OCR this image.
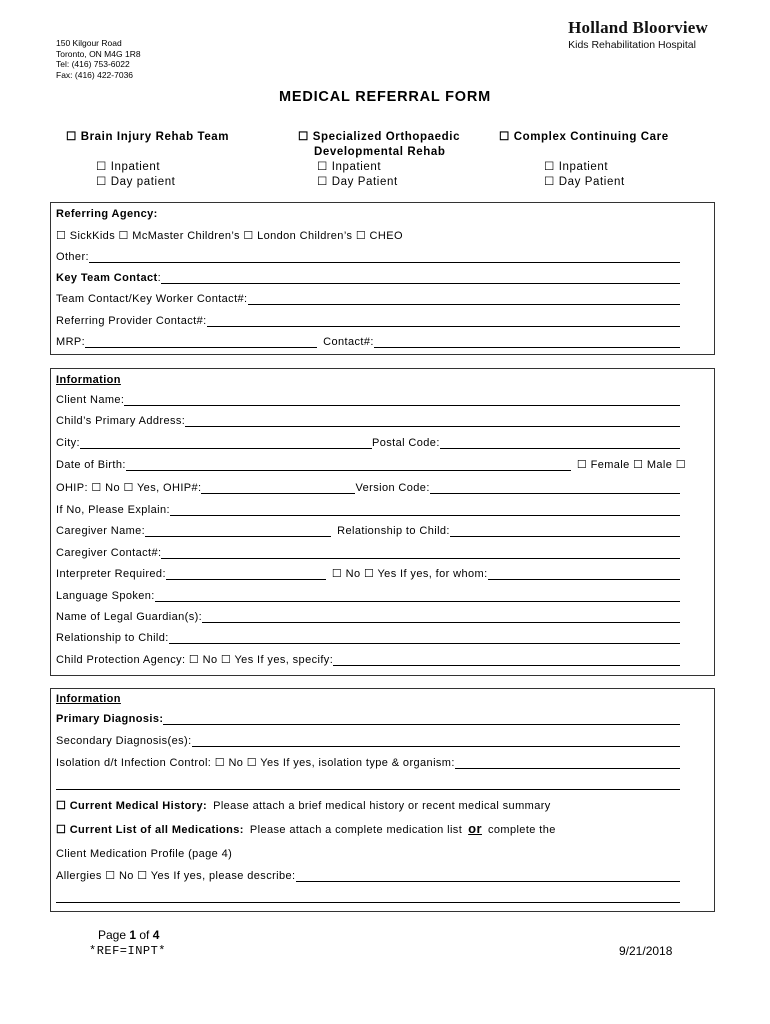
150 Kilgour Road
Toronto, ON M4G 1R8
Tel: (416) 753-6022
Fax: (416) 422-7036
Holland Bloorview
Kids Rehabilitation Hospital
MEDICAL REFERRAL FORM
☐ Brain Injury Rehab Team
☐ Inpatient
☐ Day patient
☐ Specialized Orthopaedic
Developmental Rehab
☐ Inpatient
☐ Day Patient
☐ Complex Continuing Care
☐ Inpatient
☐ Day Patient
Referring Agency:
☐ SickKids ☐ McMaster Children’s ☐ London Children’s ☐ CHEO
Other:
Key Team Contact :
Team Contact/Key Worker Contact#:
Referring Provider Contact#:
MRP:	Contact#:
Information
Client Name:
Child’s Primary Address:
City:	Postal Code:
Date of Birth:	☐ Female ☐ Male ☐
OHIP: ☐ No ☐ Yes, OHIP#:	Version Code:
If No, Please Explain:
Caregiver Name:	Relationship to Child:
Caregiver Contact#:
Interpreter Required:	☐ No ☐ Yes If yes, for whom:
Language Spoken:
Name of Legal Guardian(s):
Relationship to Child:
Child Protection Agency: ☐ No ☐ Yes If yes, specify:
Information
Primary Diagnosis:
Secondary Diagnosis(es):
Isolation d/t Infection Control: ☐ No ☐ Yes If yes, isolation type & organism:
☐ Current Medical History: Please attach a brief medical history or recent medical summary
☐ Current List of all Medications: Please attach a complete medication list or complete the
Client Medication Profile (page 4)
Allergies ☐ No ☐ Yes If yes, please describe:
Page 1 of 4
*REF=INPT*	9/21/2018
